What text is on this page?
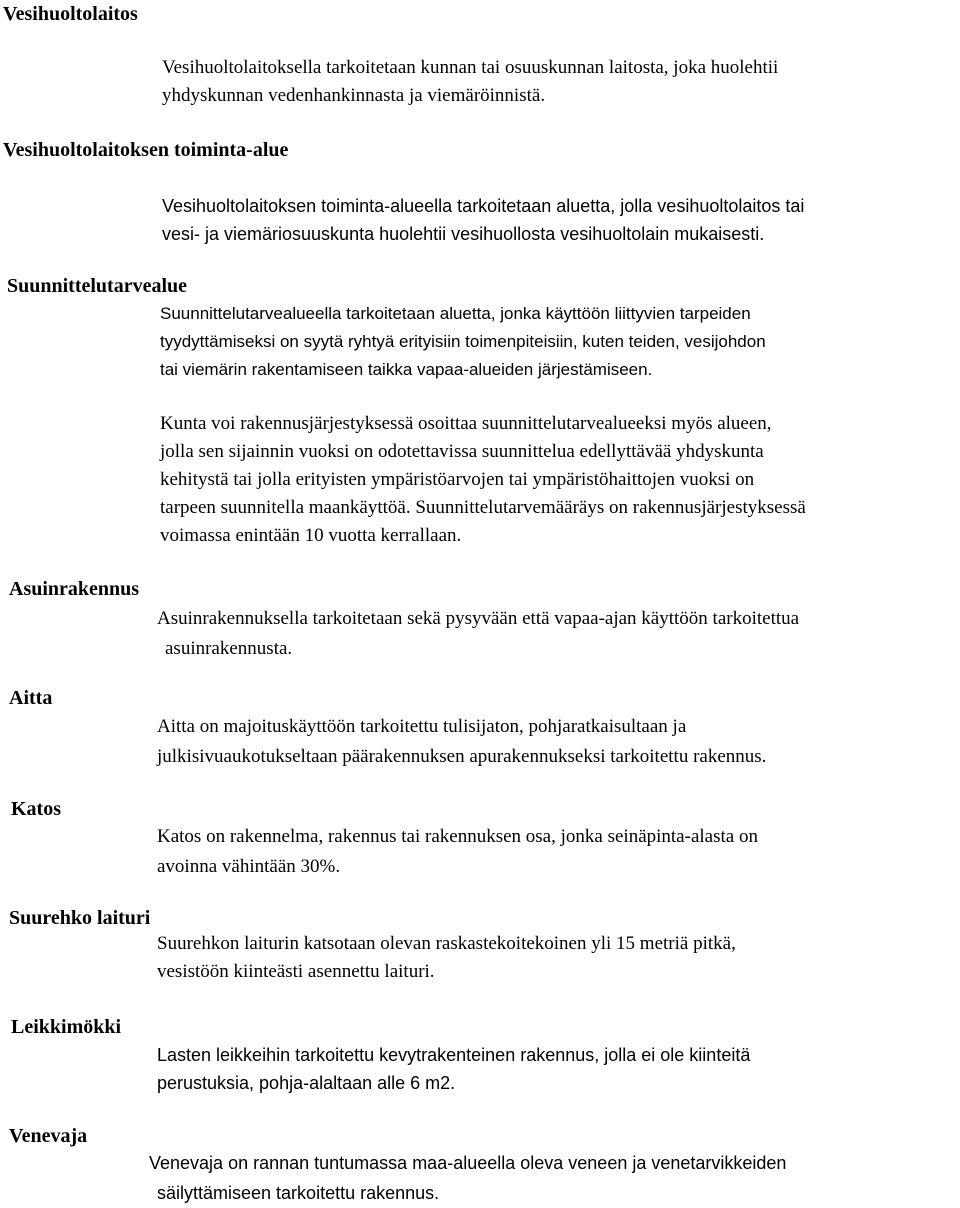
Vesihuoltolaitos
Vesihuoltolaitoksella tarkoitetaan kunnan tai osuuskunnan laitosta, joka huolehtii
yhdyskunnan vedenhankinnasta ja viemäröinnistä.
Vesihuoltolaitoksen toiminta-alue
Vesihuoltolaitoksen toiminta-alueella tarkoitetaan aluetta, jolla vesihuoltolaitos tai
vesi- ja viemäriosuuskunta huolehtii vesihuollosta vesihuoltolain mukaisesti.
Suunnittelutarvealue
Suunnittelutarvealueella tarkoitetaan aluetta, jonka käyttöön liittyvien tarpeiden
tyydyttämiseksi on syytä ryhtyä erityisiin toimenpiteisiin, kuten teiden, vesijohdon
tai viemärin rakentamiseen taikka vapaa-alueiden järjestämiseen.
Kunta voi rakennusjärjestyksessä osoittaa suunnittelutarvealueeksi myös alueen,
jolla sen sijainnin vuoksi on odotettavissa suunnittelua edellyttävää yhdyskunta
kehitystä tai jolla erityisten ympäristöarvojen tai ympäristöhaittojen vuoksi on
tarpeen suunnitella maankäyttöä. Suunnittelutarvemääräys on rakennusjärjestyksessä
voimassa enintään 10 vuotta kerrallaan.
Asuinrakennus
Asuinrakennuksella tarkoitetaan sekä pysyvään että vapaa-ajan käyttöön tarkoitettua
asuinrakennusta.
Aitta
Aitta on majoituskäyttöön tarkoitettu tulisijaton, pohjaratkaisultaan ja
julkisivuaukotukseltaan päärakennuksen apurakennukseksi tarkoitettu rakennus.
Katos
Katos on rakennelma, rakennus tai rakennuksen osa, jonka seinäpinta-alasta on
avoinna vähintään 30%.
Suurehko laituri
Suurehkon laiturin katsotaan olevan raskastekoitekoinen yli 15 metriä pitkä,
vesistöön kiinteästi asennettu laituri.
Leikkimökki
Lasten leikkeihin tarkoitettu kevytrakenteinen rakennus, jolla ei ole kiinteitä
perustuksia, pohja-alaltaan alle 6 m2.
Venevaja
Venevaja on rannan tuntumassa maa-alueella oleva veneen ja venetarvikkeiden
säilyttämiseen tarkoitettu rakennus.
